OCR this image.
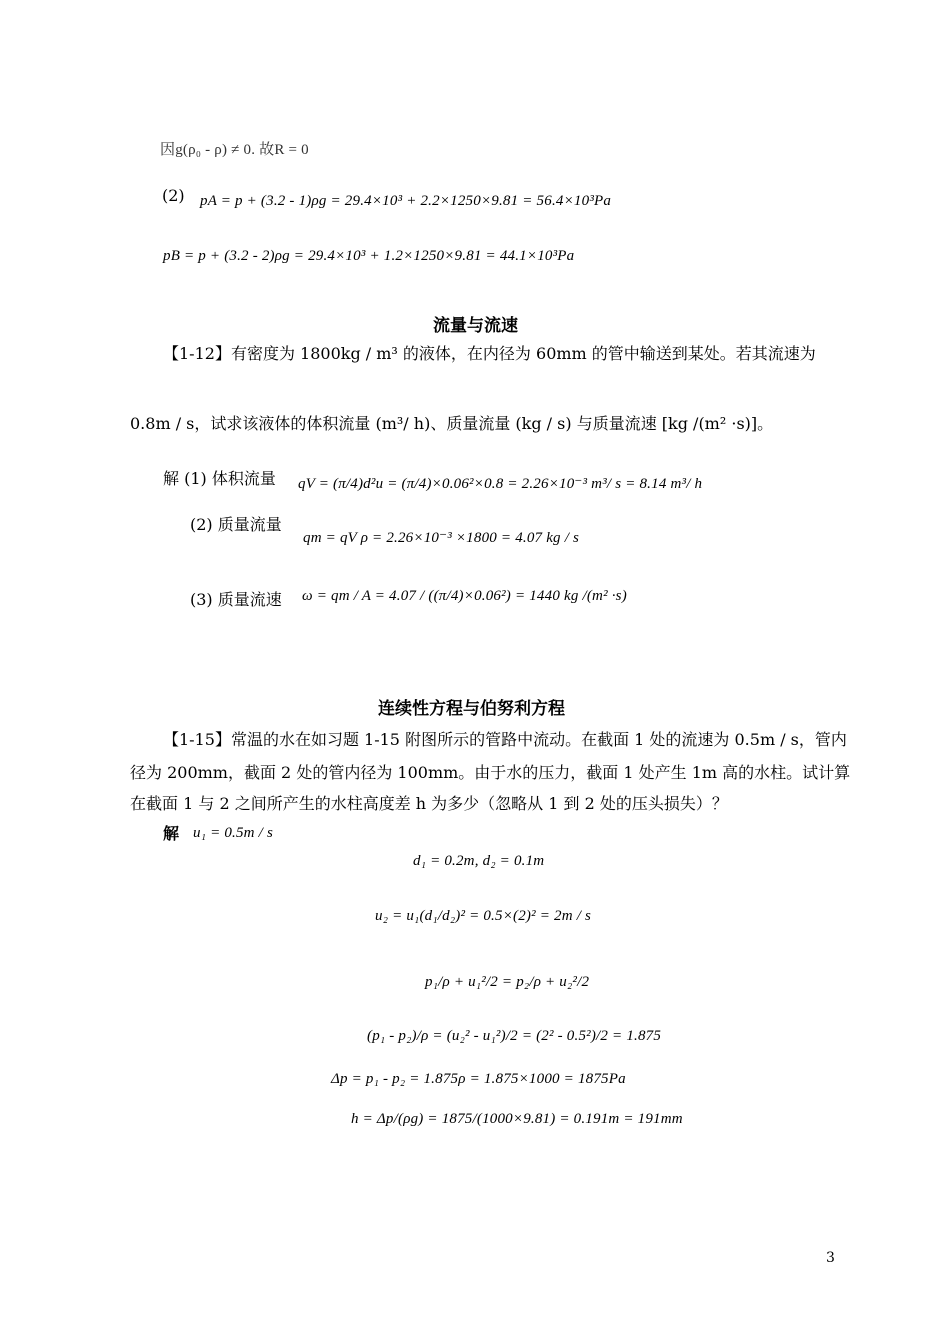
因g(ρ₀ - ρ) ≠ 0. 故R = 0
(2) pA = p + (3.2 - 1)ρg = 29.4×10³ + 2.2×1250×9.81 = 56.4×10³Pa
pB = p + (3.2 - 2)ρg = 29.4×10³ + 1.2×1250×9.81 = 44.1×10³Pa
流量与流速
【1-12】有密度为 1800kg / m³ 的液体，在内径为 60mm 的管中输送到某处。若其流速为
0.8m / s，试求该液体的体积流量 (m³/ h)、质量流量 (kg / s) 与质量流速 [kg /(m² ·s)]。
解 (1) 体积流量 qV = (π/4)d²u = (π/4)×0.06²×0.8 = 2.26×10⁻³ m³/ s = 8.14 m³/ h
(2) 质量流量
qm = qV ρ = 2.26×10⁻³ ×1800 = 4.07 kg / s
(3) 质量流速 ω = qm / A = 4.07 / ((π/4)×0.06²) = 1440 kg /(m² ·s)
连续性方程与伯努利方程
【1-15】常温的水在如习题 1-15 附图所示的管路中流动。在截面 1 处的流速为 0.5m / s，管内
径为 200mm，截面 2 处的管内径为 100mm。由于水的压力，截面 1 处产生 1m 高的水柱。试计算
在截面 1 与 2 之间所产生的水柱高度差 h 为多少（忽略从 1 到 2 处的压头损失）？
解 u₁ = 0.5m / s
d₁ = 0.2m, d₂ = 0.1m
u₂ = u₁(d₁/d₂)² = 0.5×(2)² = 2m / s
p₁/ρ + u₁²/2 = p₂/ρ + u₂²/2
(p₁ - p₂)/ρ = (u₂² - u₁²)/2 = (2² - 0.5²)/2 = 1.875
Δp = p₁ - p₂ = 1.875ρ = 1.875×1000 = 1875Pa
h = Δp/(ρg) = 1875/(1000×9.81) = 0.191m = 191mm
3
